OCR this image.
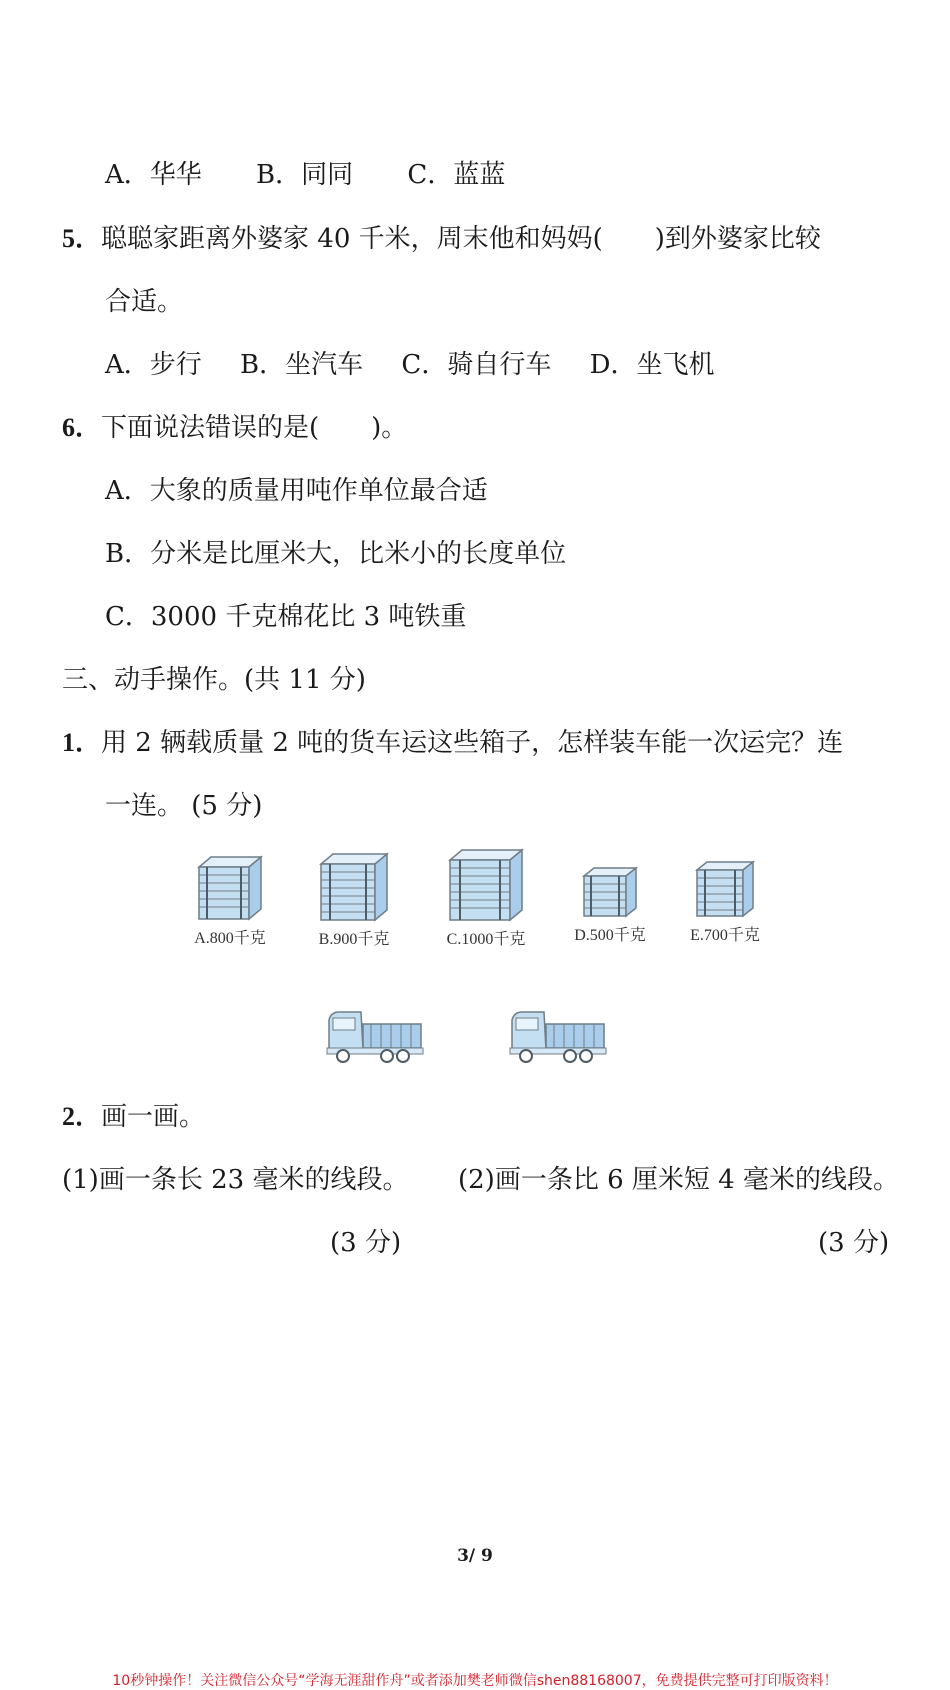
A．华华 B．同同 C．蓝蓝
5．聪聪家距离外婆家 40 千米，周末他和妈妈(　　)到外婆家比较
合适。
A．步行 B．坐汽车 C．骑自行车 D．坐飞机
6．下面说法错误的是(　　)。
A．大象的质量用吨作单位最合适
B．分米是比厘米大，比米小的长度单位
C．3000 千克棉花比 3 吨铁重
三、动手操作。(共 11 分)
1．用 2 辆载质量 2 吨的货车运这些箱子，怎样装车能一次运完？连
一连。 (5 分)
A.800千克	B.900千克	C.1000千克	D.500千克	E.700千克
2．画一画。
(1)画一条长 23 毫米的线段。 (2)画一条比 6 厘米短 4 毫米的线段。
(3 分)	(3 分)
3/ 9
10秒钟操作！关注微信公众号“学海无涯甜作舟”或者添加樊老师微信shen88168007，免费提供完整可打印版资料！
